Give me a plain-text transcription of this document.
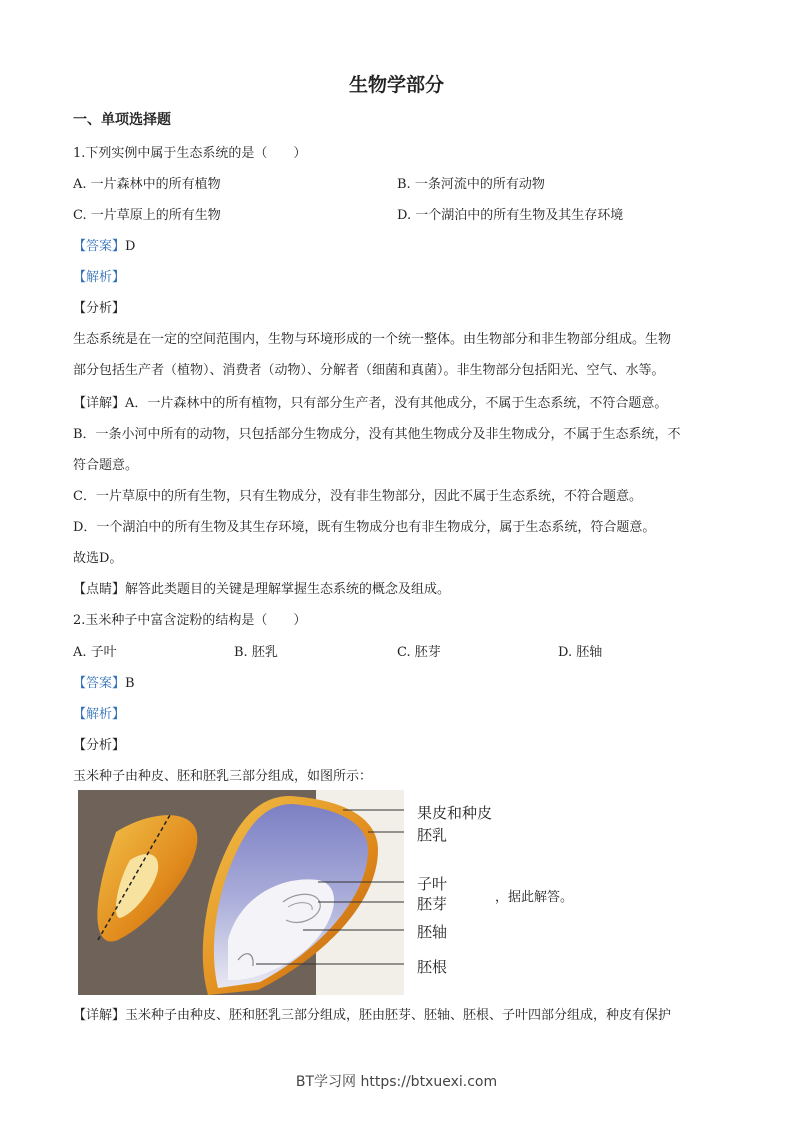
生物学部分
一、单项选择题
1.下列实例中属于生态系统的是（　　）
A. 一片森林中的所有植物	B. 一条河流中的所有动物
C. 一片草原上的所有生物	D. 一个湖泊中的所有生物及其生存环境
【答案】D
【解析】
【分析】
生态系统是在一定的空间范围内，生物与环境形成的一个统一整体。由生物部分和非生物部分组成。生物
部分包括生产者（植物）、消费者（动物）、分解者（细菌和真菌）。非生物部分包括阳光、空气、水等。
【详解】A．一片森林中的所有植物，只有部分生产者，没有其他成分，不属于生态系统，不符合题意。
B．一条小河中所有的动物，只包括部分生物成分，没有其他生物成分及非生物成分，不属于生态系统，不
符合题意。
C．一片草原中的所有生物，只有生物成分，没有非生物部分，因此不属于生态系统，不符合题意。
D．一个湖泊中的所有生物及其生存环境，既有生物成分也有非生物成分，属于生态系统，符合题意。
故选D。
【点睛】解答此类题目的关键是理解掌握生态系统的概念及组成。
2.玉米种子中富含淀粉的结构是（　　）
A. 子叶	B. 胚乳	C. 胚芽	D. 胚轴
【答案】B
【解析】
【分析】
玉米种子由种皮、胚和胚乳三部分组成，如图所示：
果皮和种皮
胚乳
子叶
胚芽
胚轴
胚根
，据此解答。
【详解】玉米种子由种皮、胚和胚乳三部分组成，胚由胚芽、胚轴、胚根、子叶四部分组成，种皮有保护
BT学习网 https://btxuexi.com
